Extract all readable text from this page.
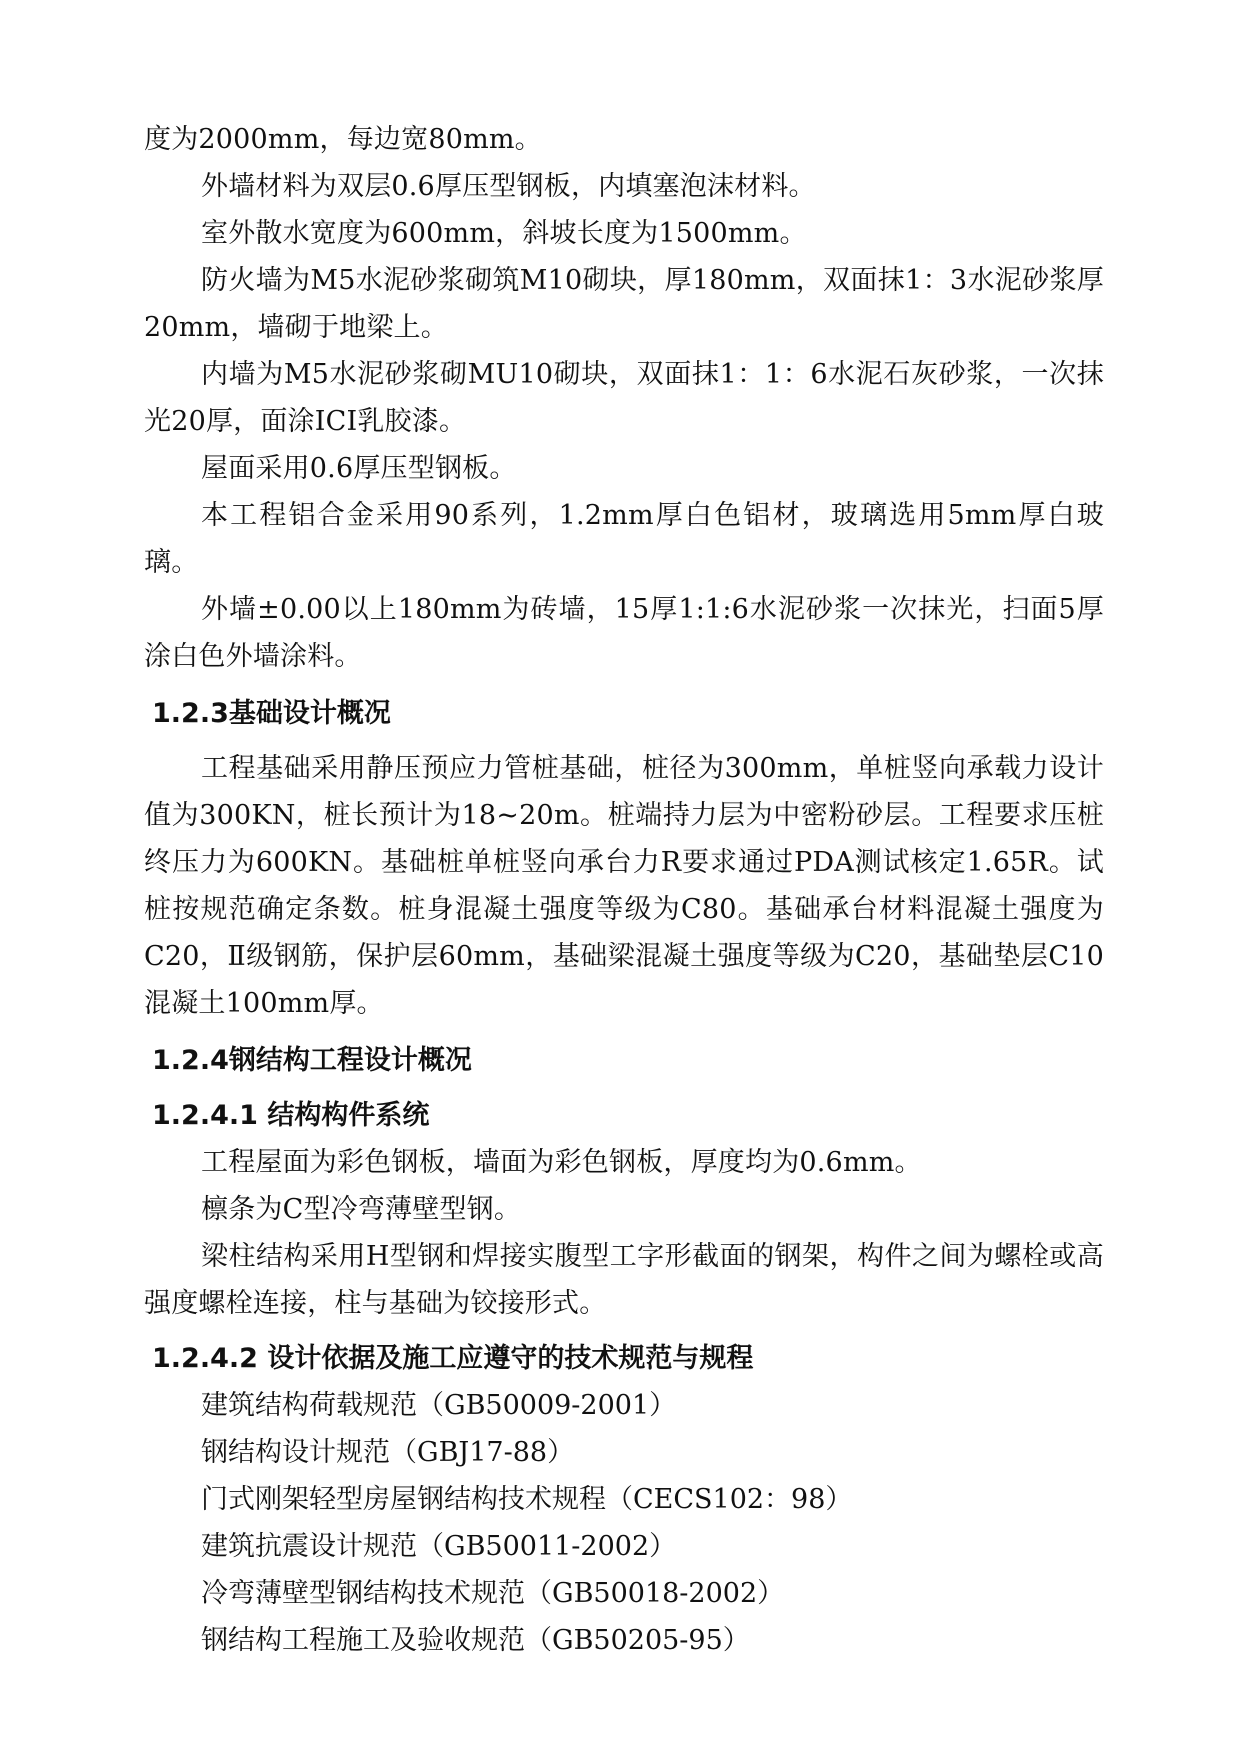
度为2000mm，每边宽80mm。

外墙材料为双层0.6厚压型钢板，内填塞泡沫材料。

室外散水宽度为600mm，斜坡长度为1500mm。

防火墙为M5水泥砂浆砌筑M10砌块，厚180mm，双面抹1：3水泥砂浆厚20mm，墙砌于地梁上。

内墙为M5水泥砂浆砌MU10砌块，双面抹1：1：6水泥石灰砂浆，一次抹光20厚，面涂ICI乳胶漆。

屋面采用0.6厚压型钢板。

本工程铝合金采用90系列，1.2mm厚白色铝材，玻璃选用5mm厚白玻璃。

外墙±0.00以上180mm为砖墙，15厚1:1:6水泥砂浆一次抹光，扫面5厚涂白色外墙涂料。

1.2.3基础设计概况

工程基础采用静压预应力管桩基础，桩径为300mm，单桩竖向承载力设计值为300KN，桩长预计为18~20m。桩端持力层为中密粉砂层。工程要求压桩终压力为600KN。基础桩单桩竖向承台力R要求通过PDA测试核定1.65R。试桩按规范确定条数。桩身混凝土强度等级为C80。基础承台材料混凝土强度为C20，Ⅱ级钢筋，保护层60mm，基础梁混凝土强度等级为C20，基础垫层C10混凝土100mm厚。

1.2.4钢结构工程设计概况
1.2.4.1 结构构件系统

工程屋面为彩色钢板，墙面为彩色钢板，厚度均为0.6mm。

檩条为C型冷弯薄壁型钢。

梁柱结构采用H型钢和焊接实腹型工字形截面的钢架，构件之间为螺栓或高强度螺栓连接，柱与基础为铰接形式。

1.2.4.2 设计依据及施工应遵守的技术规范与规程

建筑结构荷载规范（GB50009-2001）

钢结构设计规范（GBJ17-88）

门式刚架轻型房屋钢结构技术规程（CECS102：98）

建筑抗震设计规范（GB50011-2002）

冷弯薄壁型钢结构技术规范（GB50018-2002）

钢结构工程施工及验收规范（GB50205-95）
